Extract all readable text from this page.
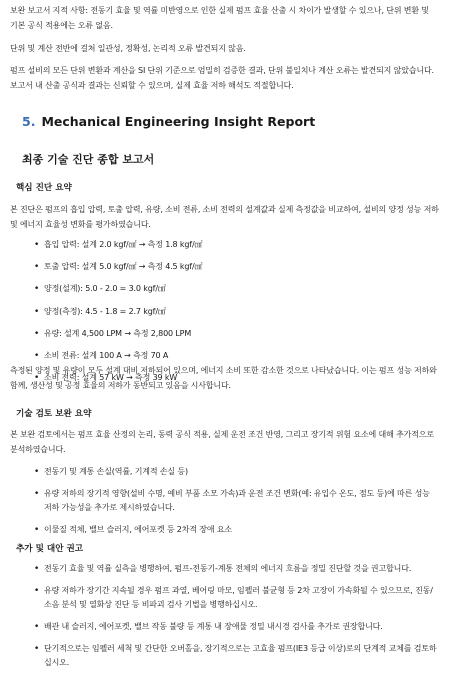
보완 보고서 지적 사항: 전동기 효율 및 역률 미반영으로 인한 실제 펌프 효율 산출 시 차이가 발생할 수 있으나, 단위 변환 및 기본 공식 적용에는 오류 없음.

단위 및 계산 전반에 걸쳐 일관성, 정확성, 논리적 오류 발견되지 않음.

펌프 설비의 모든 단위 변환과 계산을 SI 단위 기준으로 엄밀히 검증한 결과, 단위 불일치나 계산 오류는 발견되지 않았습니다. 보고서 내 산출 공식과 결과는 신뢰할 수 있으며, 실제 효율 저하 해석도 적절합니다.

5. Mechanical Engineering Insight Report
최종 기술 진단 종합 보고서
핵심 진단 요약

본 진단은 펌프의 흡입 압력, 토출 압력, 유량, 소비 전류, 소비 전력의 설계값과 실제 측정값을 비교하여, 설비의 양정 성능 저하 및 에너지 효율성 변화를 평가하였습니다.

• 흡입 압력: 설계 2.0 kgf/㎠ → 측정 1.8 kgf/㎠
• 토출 압력: 설계 5.0 kgf/㎠ → 측정 4.5 kgf/㎠
• 양정(설계): 5.0 - 2.0 = 3.0 kgf/㎠
• 양정(측정): 4.5 - 1.8 = 2.7 kgf/㎠
• 유량: 설계 4,500 LPM → 측정 2,800 LPM
• 소비 전류: 설계 100 A → 측정 70 A
• 소비 전력: 설계 57 kW → 측정 39 kW

측정된 양정 및 유량이 모두 설계 대비 저하되어 있으며, 에너지 소비 또한 감소한 것으로 나타났습니다. 이는 펌프 성능 저하와 함께, 생산성 및 공정 효율의 저하가 동반되고 있음을 시사합니다.

기술 검토 보완 요약

본 보완 검토에서는 펌프 효율 산정의 논리, 동력 공식 적용, 실제 운전 조건 반영, 그리고 장기적 위험 요소에 대해 추가적으로 분석하였습니다.

• 전동기 및 계통 손실(역률, 기계적 손실 등)
• 유량 저하의 장기적 영향(설비 수명, 예비 부품 소모 가속)과 운전 조건 변화(예: 유입수 온도, 점도 등)에 따른 성능 저하 가능성을 추가로 제시하였습니다.
• 이물질 적체, 밸브 슬러지, 에어포켓 등 2차적 장애 요소
추가 및 대안 권고
• 전동기 효율 및 역률 실측을 병행하여, 펌프-전동기-계통 전체의 에너지 흐름을 정밀 진단할 것을 권고합니다.
• 유량 저하가 장기간 지속될 경우 펌프 과열, 베어링 마모, 임펠러 불균형 등 2차 고장이 가속화될 수 있으므로, 진동/소음 분석 및 열화상 진단 등 비파괴 검사 기법을 병행하십시오.
• 배관 내 슬러지, 에어포켓, 밸브 작동 불량 등 계통 내 장애물 정밀 내시경 검사를 추가로 권장합니다.
• 단기적으로는 임펠러 세척 및 간단한 오버홀을, 장기적으로는 고효율 펌프(IE3 등급 이상)로의 단계적 교체를 검토하십시오.
